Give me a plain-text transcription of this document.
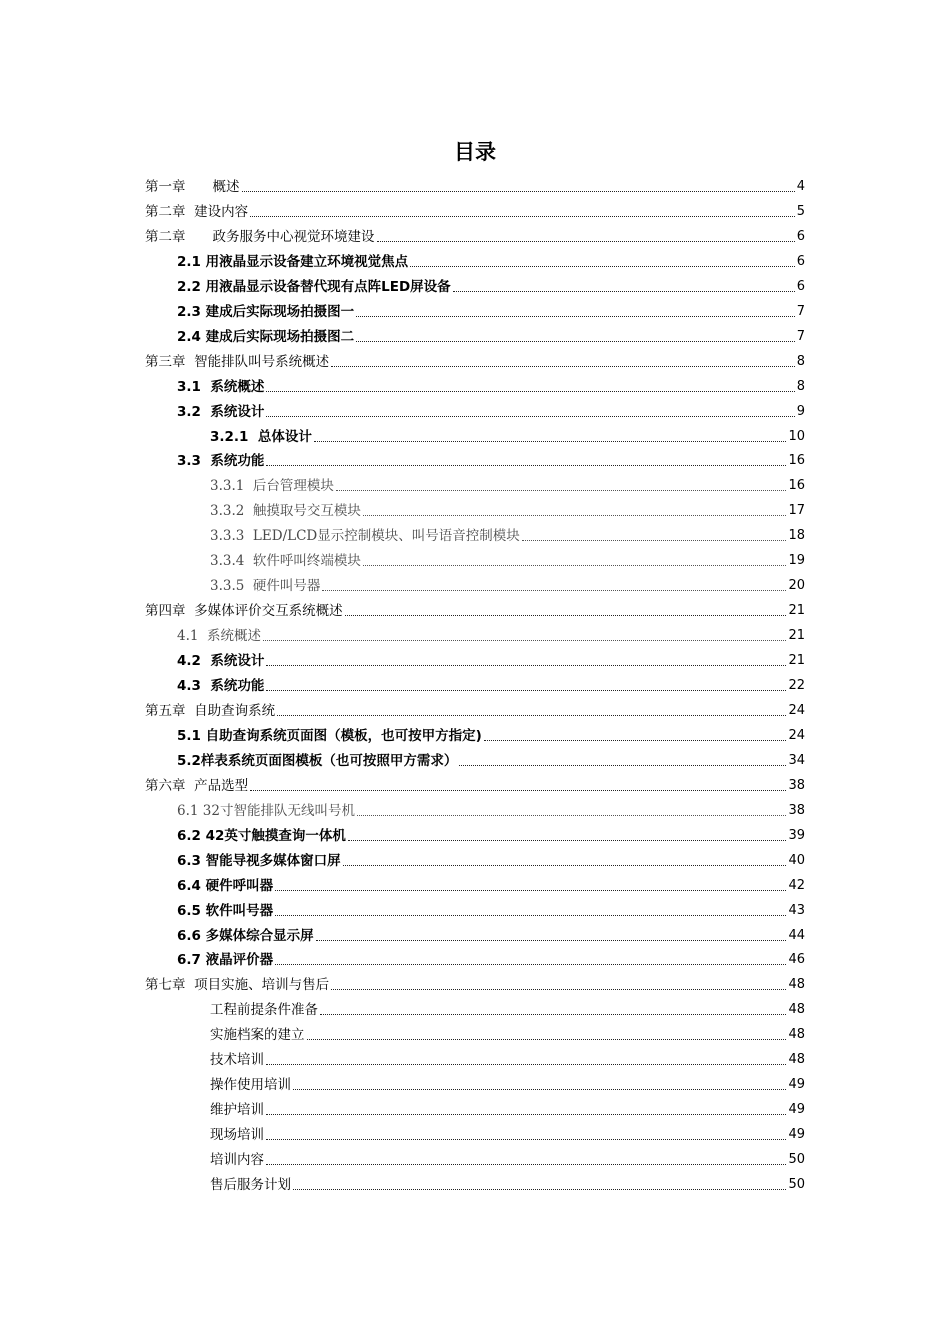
目录
第一章　　概述	4
第二章  建设内容	5
第二章　　政务服务中心视觉环境建设	6
2.1 用液晶显示设备建立环境视觉焦点	6
2.2 用液晶显示设备替代现有点阵LED屏设备	6
2.3 建成后实际现场拍摄图一	7
2.4 建成后实际现场拍摄图二	7
第三章  智能排队叫号系统概述	8
3.1  系统概述	8
3.2  系统设计	9
3.2.1  总体设计	10
3.3  系统功能	16
3.3.1  后台管理模块	16
3.3.2  触摸取号交互模块	17
3.3.3  LED/LCD显示控制模块、叫号语音控制模块	18
3.3.4  软件呼叫终端模块	19
3.3.5  硬件叫号器	20
第四章  多媒体评价交互系统概述	21
4.1  系统概述	21
4.2  系统设计	21
4.3  系统功能	22
第五章  自助查询系统	24
5.1 自助查询系统页面图（模板，也可按甲方指定)	24
5.2样表系统页面图模板（也可按照甲方需求）	34
第六章  产品选型	38
6.1 32寸智能排队无线叫号机	38
6.2 42英寸触摸查询一体机	39
6.3 智能导视多媒体窗口屏	40
6.4 硬件呼叫器	42
6.5 软件叫号器	43
6.6 多媒体综合显示屏	44
6.7 液晶评价器	46
第七章  项目实施、培训与售后	48
工程前提条件准备	48
实施档案的建立	48
技术培训	48
操作使用培训	49
维护培训	49
现场培训	49
培训内容	50
售后服务计划	50
